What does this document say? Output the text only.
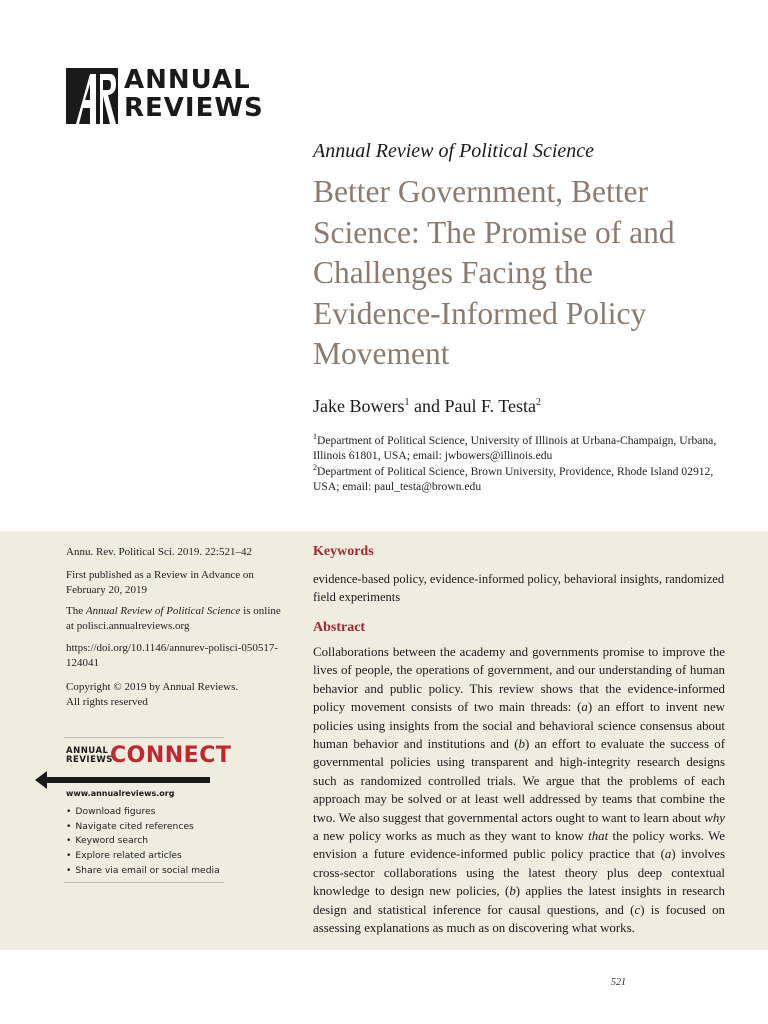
ANNUAL
REVIEWS
Annual Review of Political Science
Better Government, Better
Science: The Promise of and
Challenges Facing the
Evidence-Informed Policy
Movement
Jake Bowers$^1$ and Paul F. Testa$^2$
$^1$Department of Political Science, University of Illinois at Urbana-Champaign, Urbana, Illinois 61801, USA; email: jwbowers@illinois.edu
$^2$Department of Political Science, Brown University, Providence, Rhode Island 02912, USA; email: paul_testa@brown.edu
Annu. Rev. Political Sci. 2019. 22:521–42
First published as a Review in Advance on February 20, 2019
The Annual Review of Political Science is online at polisci.annualreviews.org
https://doi.org/10.1146/annurev-polisci-050517-124041
Copyright © 2019 by Annual Reviews.
All rights reserved
ANNUAL
REVIEWS
CONNECT
www.annualreviews.org
• Download figures
• Navigate cited references
• Keyword search
• Explore related articles
• Share via email or social media
Keywords
evidence-based policy, evidence-informed policy, behavioral insights, randomized field experiments
Abstract
Collaborations between the academy and governments promise to improve the lives of people, the operations of government, and our understanding of human behavior and public policy. This review shows that the evidence-informed policy movement consists of two main threads: (a) an effort to invent new policies using insights from the social and behavioral science consensus about human behavior and institutions and (b) an effort to evaluate the success of governmental policies using transparent and high-integrity research designs such as randomized controlled trials. We argue that the problems of each approach may be solved or at least well addressed by teams that combine the two. We also suggest that governmental actors ought to want to learn about why a new policy works as much as they want to know that the policy works. We envision a future evidence-informed public policy practice that (a) involves cross-sector collaborations using the latest theory plus deep contextual knowledge to design new policies, (b) applies the latest insights in research design and statistical inference for causal questions, and (c) is focused on assessing explanations as much as on discovering what works.
521
